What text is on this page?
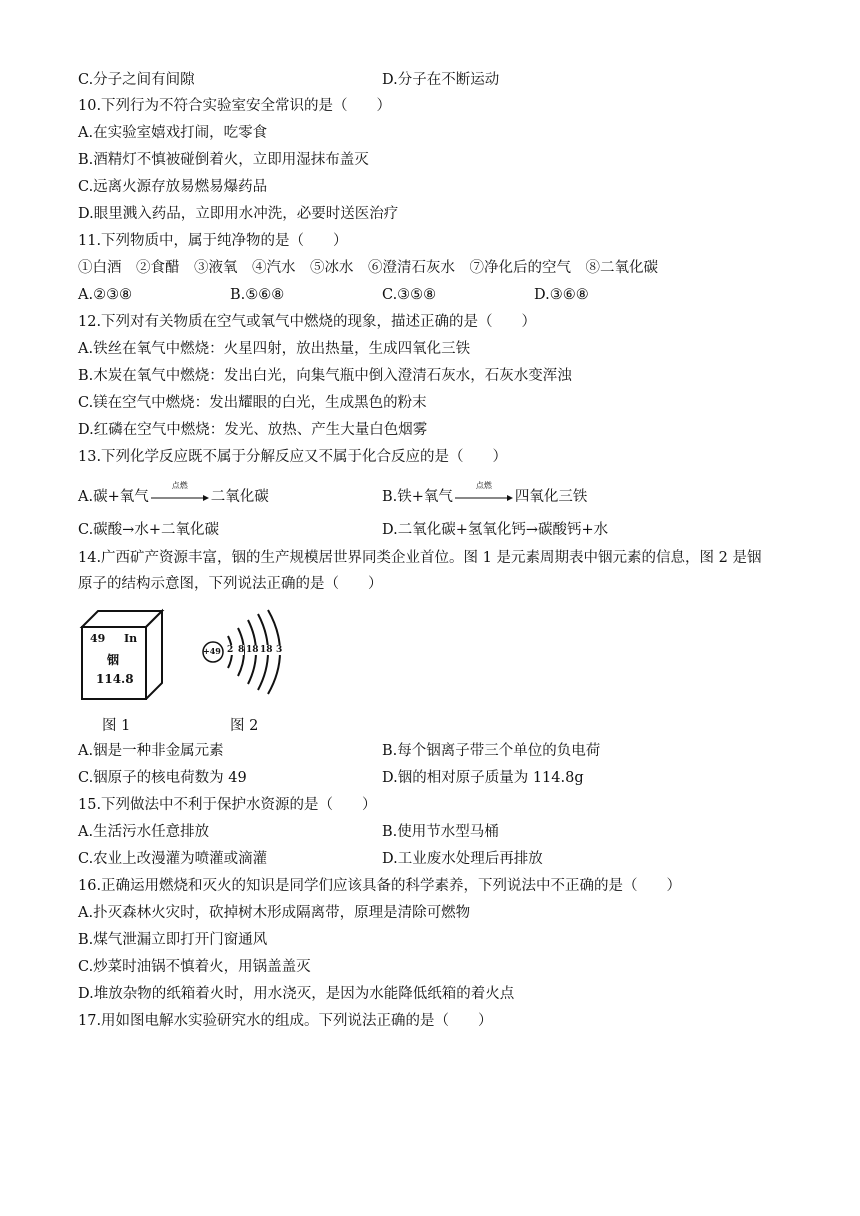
C.分子之间有间隙	D.分子在不断运动
10.下列行为不符合实验室安全常识的是（　　）
A.在实验室嬉戏打闹，吃零食
B.酒精灯不慎被碰倒着火，立即用湿抹布盖灭
C.远离火源存放易燃易爆药品
D.眼里溅入药品，立即用水冲洗，必要时送医治疗
11.下列物质中，属于纯净物的是（　　）
①白酒　②食醋　③液氧　④汽水　⑤冰水　⑥澄清石灰水　⑦净化后的空气　⑧二氧化碳
A.②③⑧	B.⑤⑥⑧	C.③⑤⑧	D.③⑥⑧
12.下列对有关物质在空气或氧气中燃烧的现象，描述正确的是（　　）
A.铁丝在氧气中燃烧：火星四射，放出热量，生成四氧化三铁
B.木炭在氧气中燃烧：发出白光，向集气瓶中倒入澄清石灰水，石灰水变浑浊
C.镁在空气中燃烧：发出耀眼的白光，生成黑色的粉末
D.红磷在空气中燃烧：发光、放热、产生大量白色烟雾
13.下列化学反应既不属于分解反应又不属于化合反应的是（　　）
A.碳+氧气
点燃
二氧化碳	B.铁+氧气
点燃
四氧化三铁
C.碳酸→水+二氧化碳	D.二氧化碳+氢氧化钙→碳酸钙+水
14.广西矿产资源丰富，铟的生产规模居世界同类企业首位。图 1 是元素周期表中铟元素的信息，图 2 是铟
原子的结构示意图，下列说法正确的是（　　）
49 In
铟
114.8
+49 2 8 18 18 3
图 1	图 2
A.铟是一种非金属元素	B.每个铟离子带三个单位的负电荷
C.铟原子的核电荷数为 49	D.铟的相对原子质量为 114.8g
15.下列做法中不利于保护水资源的是（　　）
A.生活污水任意排放	B.使用节水型马桶
C.农业上改漫灌为喷灌或滴灌	D.工业废水处理后再排放
16.正确运用燃烧和灭火的知识是同学们应该具备的科学素养，下列说法中不正确的是（　　）
A.扑灭森林火灾时，砍掉树木形成隔离带，原理是清除可燃物
B.煤气泄漏立即打开门窗通风
C.炒菜时油锅不慎着火，用锅盖盖灭
D.堆放杂物的纸箱着火时，用水浇灭，是因为水能降低纸箱的着火点
17.用如图电解水实验研究水的组成。下列说法正确的是（　　）
